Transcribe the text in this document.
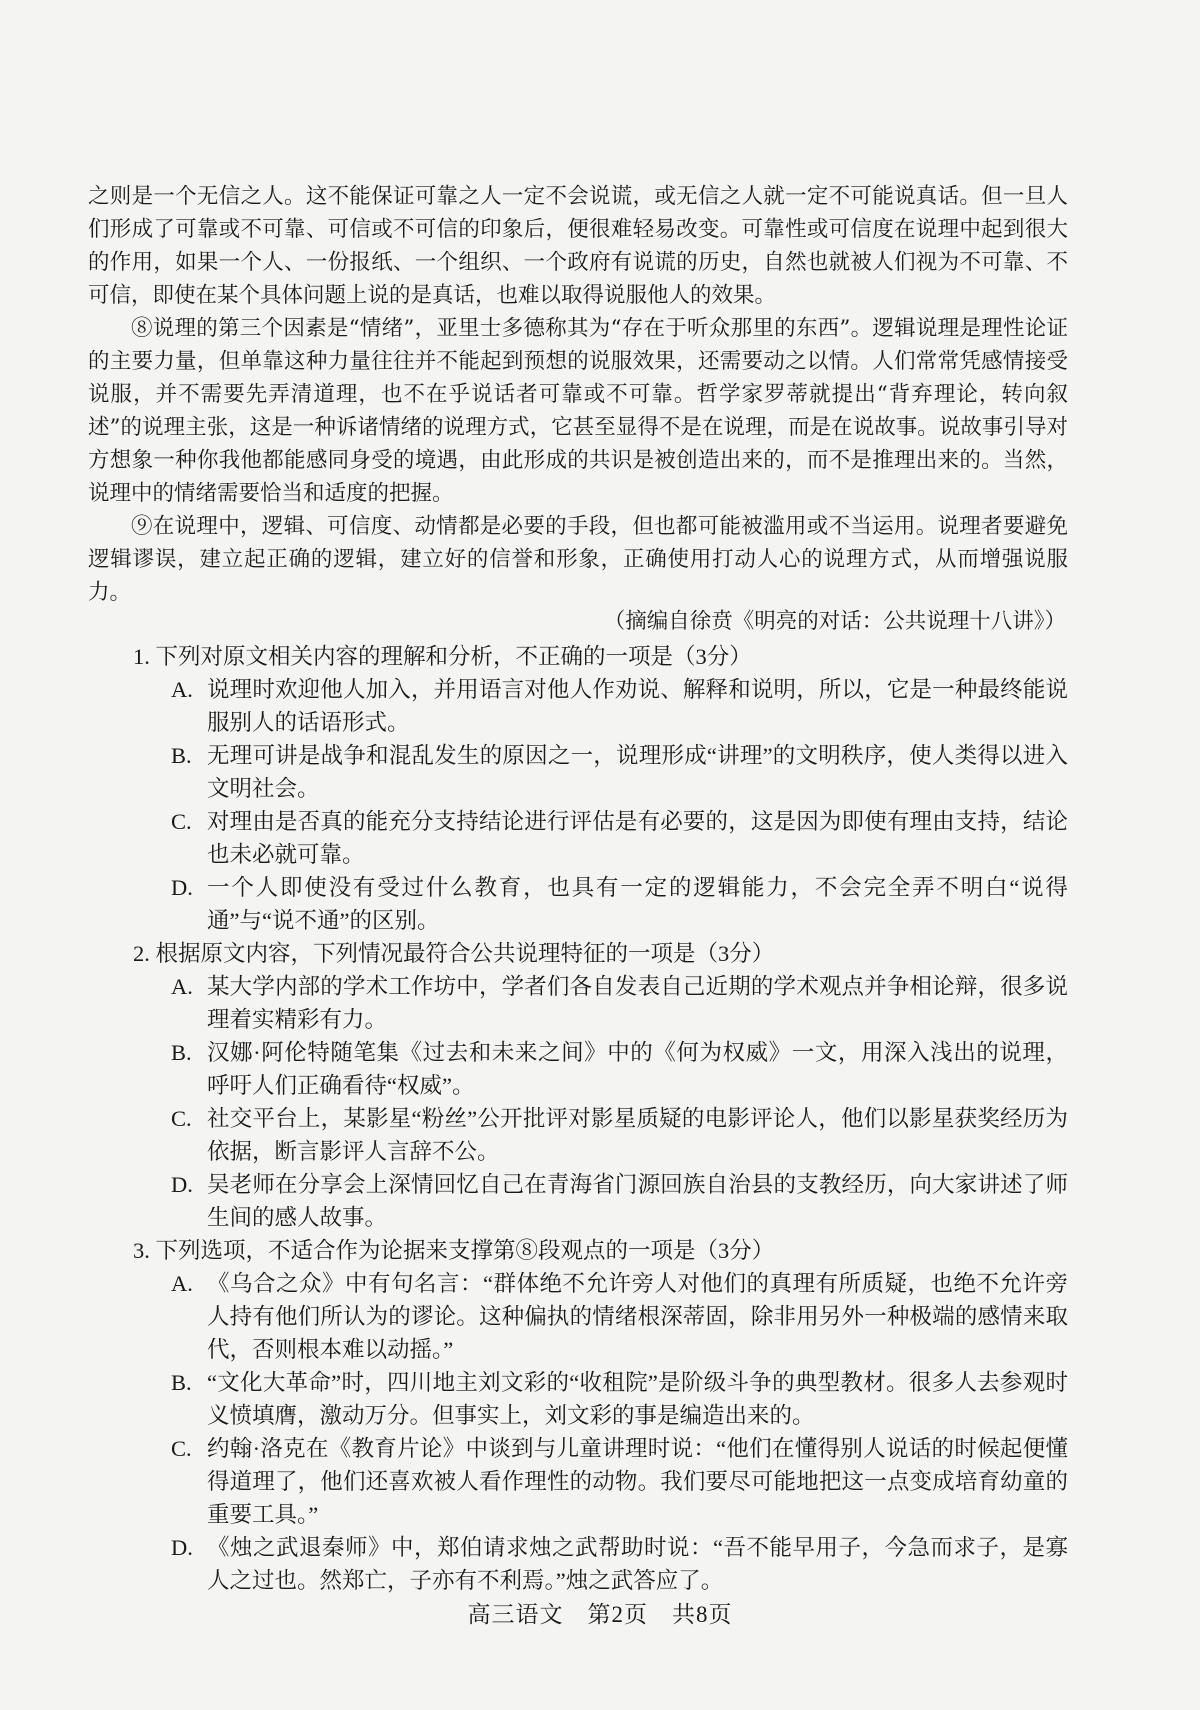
之则是一个无信之人。这不能保证可靠之人一定不会说谎，或无信之人就一定不可能说真话。但一旦人们形成了可靠或不可靠、可信或不可信的印象后，便很难轻易改变。可靠性或可信度在说理中起到很大的作用，如果一个人、一份报纸、一个组织、一个政府有说谎的历史，自然也就被人们视为不可靠、不可信，即使在某个具体问题上说的是真话，也难以取得说服他人的效果。

⑧说理的第三个因素是“情绪”，亚里士多德称其为“存在于听众那里的东西”。逻辑说理是理性论证的主要力量，但单靠这种力量往往并不能起到预想的说服效果，还需要动之以情。人们常常凭感情接受说服，并不需要先弄清道理，也不在乎说话者可靠或不可靠。哲学家罗蒂就提出“背弃理论，转向叙述”的说理主张，这是一种诉诸情绪的说理方式，它甚至显得不是在说理，而是在说故事。说故事引导对方想象一种你我他都能感同身受的境遇，由此形成的共识是被创造出来的，而不是推理出来的。当然，说理中的情绪需要恰当和适度的把握。

⑨在说理中，逻辑、可信度、动情都是必要的手段，但也都可能被滥用或不当运用。说理者要避免逻辑谬误，建立起正确的逻辑，建立好的信誉和形象，正确使用打动人心的说理方式，从而增强说服力。

（摘编自徐贲《明亮的对话：公共说理十八讲》）

1. 下列对原文相关内容的理解和分析，不正确的一项是（3分）

A. 说理时欢迎他人加入，并用语言对他人作劝说、解释和说明，所以，它是一种最终能说服别人的话语形式。
B. 无理可讲是战争和混乱发生的原因之一，说理形成“讲理”的文明秩序，使人类得以进入文明社会。
C. 对理由是否真的能充分支持结论进行评估是有必要的，这是因为即使有理由支持，结论也未必就可靠。
D. 一个人即使没有受过什么教育，也具有一定的逻辑能力，不会完全弄不明白“说得通”与“说不通”的区别。

2. 根据原文内容，下列情况最符合公共说理特征的一项是（3分）

A. 某大学内部的学术工作坊中，学者们各自发表自己近期的学术观点并争相论辩，很多说理着实精彩有力。
B. 汉娜·阿伦特随笔集《过去和未来之间》中的《何为权威》一文，用深入浅出的说理，呼吁人们正确看待“权威”。
C. 社交平台上，某影星“粉丝”公开批评对影星质疑的电影评论人，他们以影星获奖经历为依据，断言影评人言辞不公。
D. 吴老师在分享会上深情回忆自己在青海省门源回族自治县的支教经历，向大家讲述了师生间的感人故事。

3. 下列选项，不适合作为论据来支撑第⑧段观点的一项是（3分）

A. 《乌合之众》中有句名言：“群体绝不允许旁人对他们的真理有所质疑，也绝不允许旁人持有他们所认为的谬论。这种偏执的情绪根深蒂固，除非用另外一种极端的感情来取代，否则根本难以动摇。”
B. “文化大革命”时，四川地主刘文彩的“收租院”是阶级斗争的典型教材。很多人去参观时义愤填膺，激动万分。但事实上，刘文彩的事是编造出来的。
C. 约翰·洛克在《教育片论》中谈到与儿童讲理时说：“他们在懂得别人说话的时候起便懂得道理了，他们还喜欢被人看作理性的动物。我们要尽可能地把这一点变成培育幼童的重要工具。”
D. 《烛之武退秦师》中，郑伯请求烛之武帮助时说：“吾不能早用子，今急而求子，是寡人之过也。然郑亡，子亦有不利焉。”烛之武答应了。
高三语文　第2页　共8页
